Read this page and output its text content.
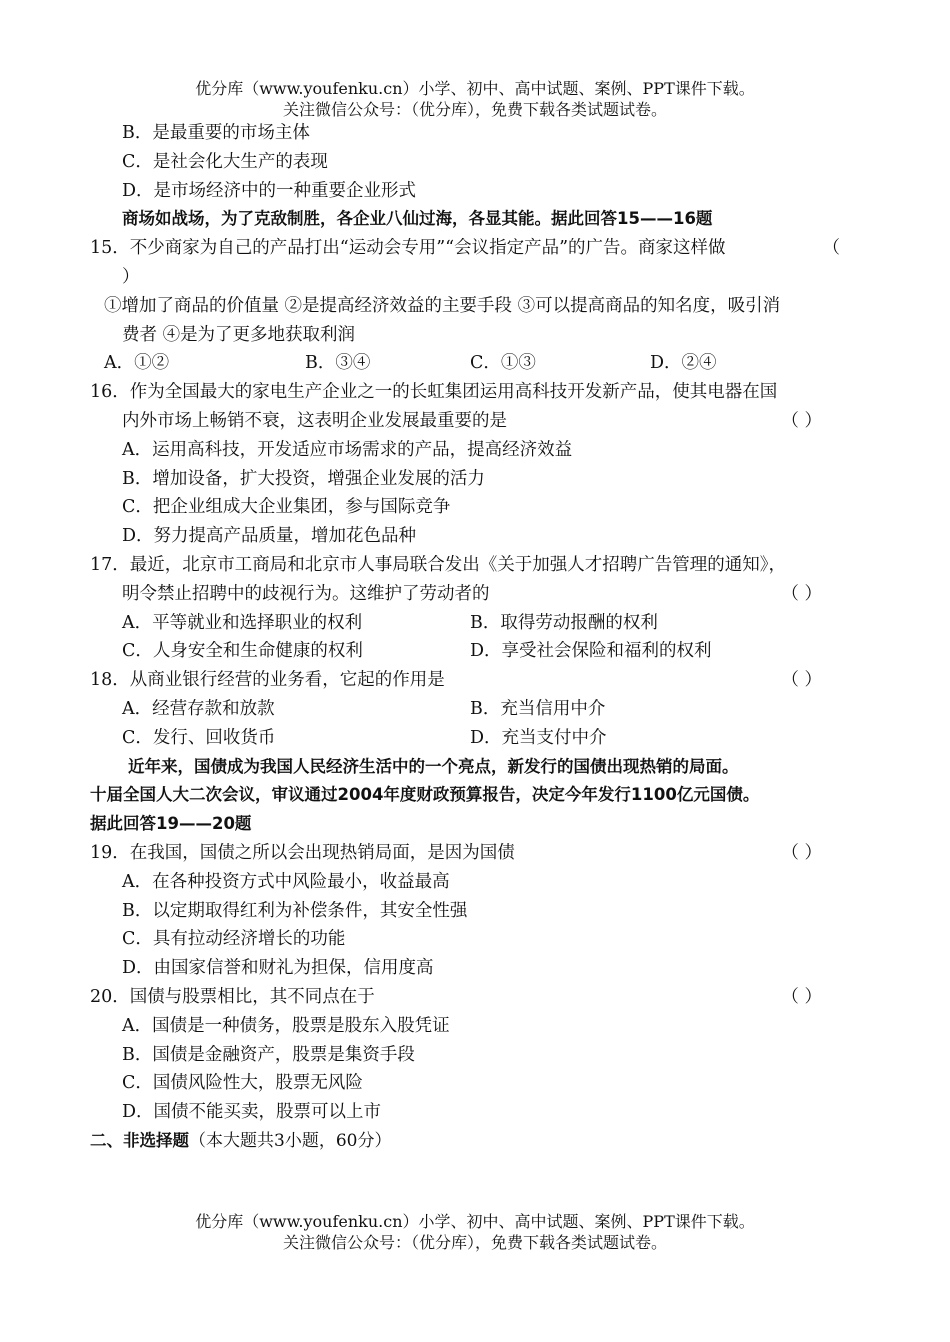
优分库（www.youfenku.cn）小学、初中、高中试题、案例、PPT课件下载。
关注微信公众号：（优分库），免费下载各类试题试卷。
B．是最重要的市场主体
C．是社会化大生产的表现
D．是市场经济中的一种重要企业形式
商场如战场，为了克敌制胜，各企业八仙过海，各显其能。据此回答15——16题
15．不少商家为自己的产品打出“运动会专用”“会议指定产品”的广告。商家这样做	（
）
①增加了商品的价值量 ②是提高经济效益的主要手段 ③可以提高商品的知名度，吸引消
费者 ④是为了更多地获取利润
A．①②	B．③④	C．①③	D．②④
16．作为全国最大的家电生产企业之一的长虹集团运用高科技开发新产品，使其电器在国
内外市场上畅销不衰，这表明企业发展最重要的是	（ ）
A．运用高科技，开发适应市场需求的产品，提高经济效益
B．增加设备，扩大投资，增强企业发展的活力
C．把企业组成大企业集团，参与国际竞争
D．努力提高产品质量，增加花色品种
17．最近，北京市工商局和北京市人事局联合发出《关于加强人才招聘广告管理的通知》，
明令禁止招聘中的歧视行为。这维护了劳动者的	（ ）
A．平等就业和选择职业的权利	B．取得劳动报酬的权利
C．人身安全和生命健康的权利	D．享受社会保险和福利的权利
18．从商业银行经营的业务看，它起的作用是	（ ）
A．经营存款和放款	B．充当信用中介
C．发行、回收货币	D．充当支付中介
近年来，国债成为我国人民经济生活中的一个亮点，新发行的国债出现热销的局面。
十届全国人大二次会议，审议通过2004年度财政预算报告，决定今年发行1100亿元国债。
据此回答19——20题
19．在我国，国债之所以会出现热销局面，是因为国债	（ ）
A．在各种投资方式中风险最小，收益最高
B．以定期取得红利为补偿条件，其安全性强
C．具有拉动经济增长的功能
D．由国家信誉和财礼为担保，信用度高
20．国债与股票相比，其不同点在于	（ ）
A．国债是一种债务，股票是股东入股凭证
B．国债是金融资产，股票是集资手段
C．国债风险性大，股票无风险
D．国债不能买卖，股票可以上市
二、非选择题（本大题共3小题，60分）
优分库（www.youfenku.cn）小学、初中、高中试题、案例、PPT课件下载。
关注微信公众号：（优分库），免费下载各类试题试卷。
